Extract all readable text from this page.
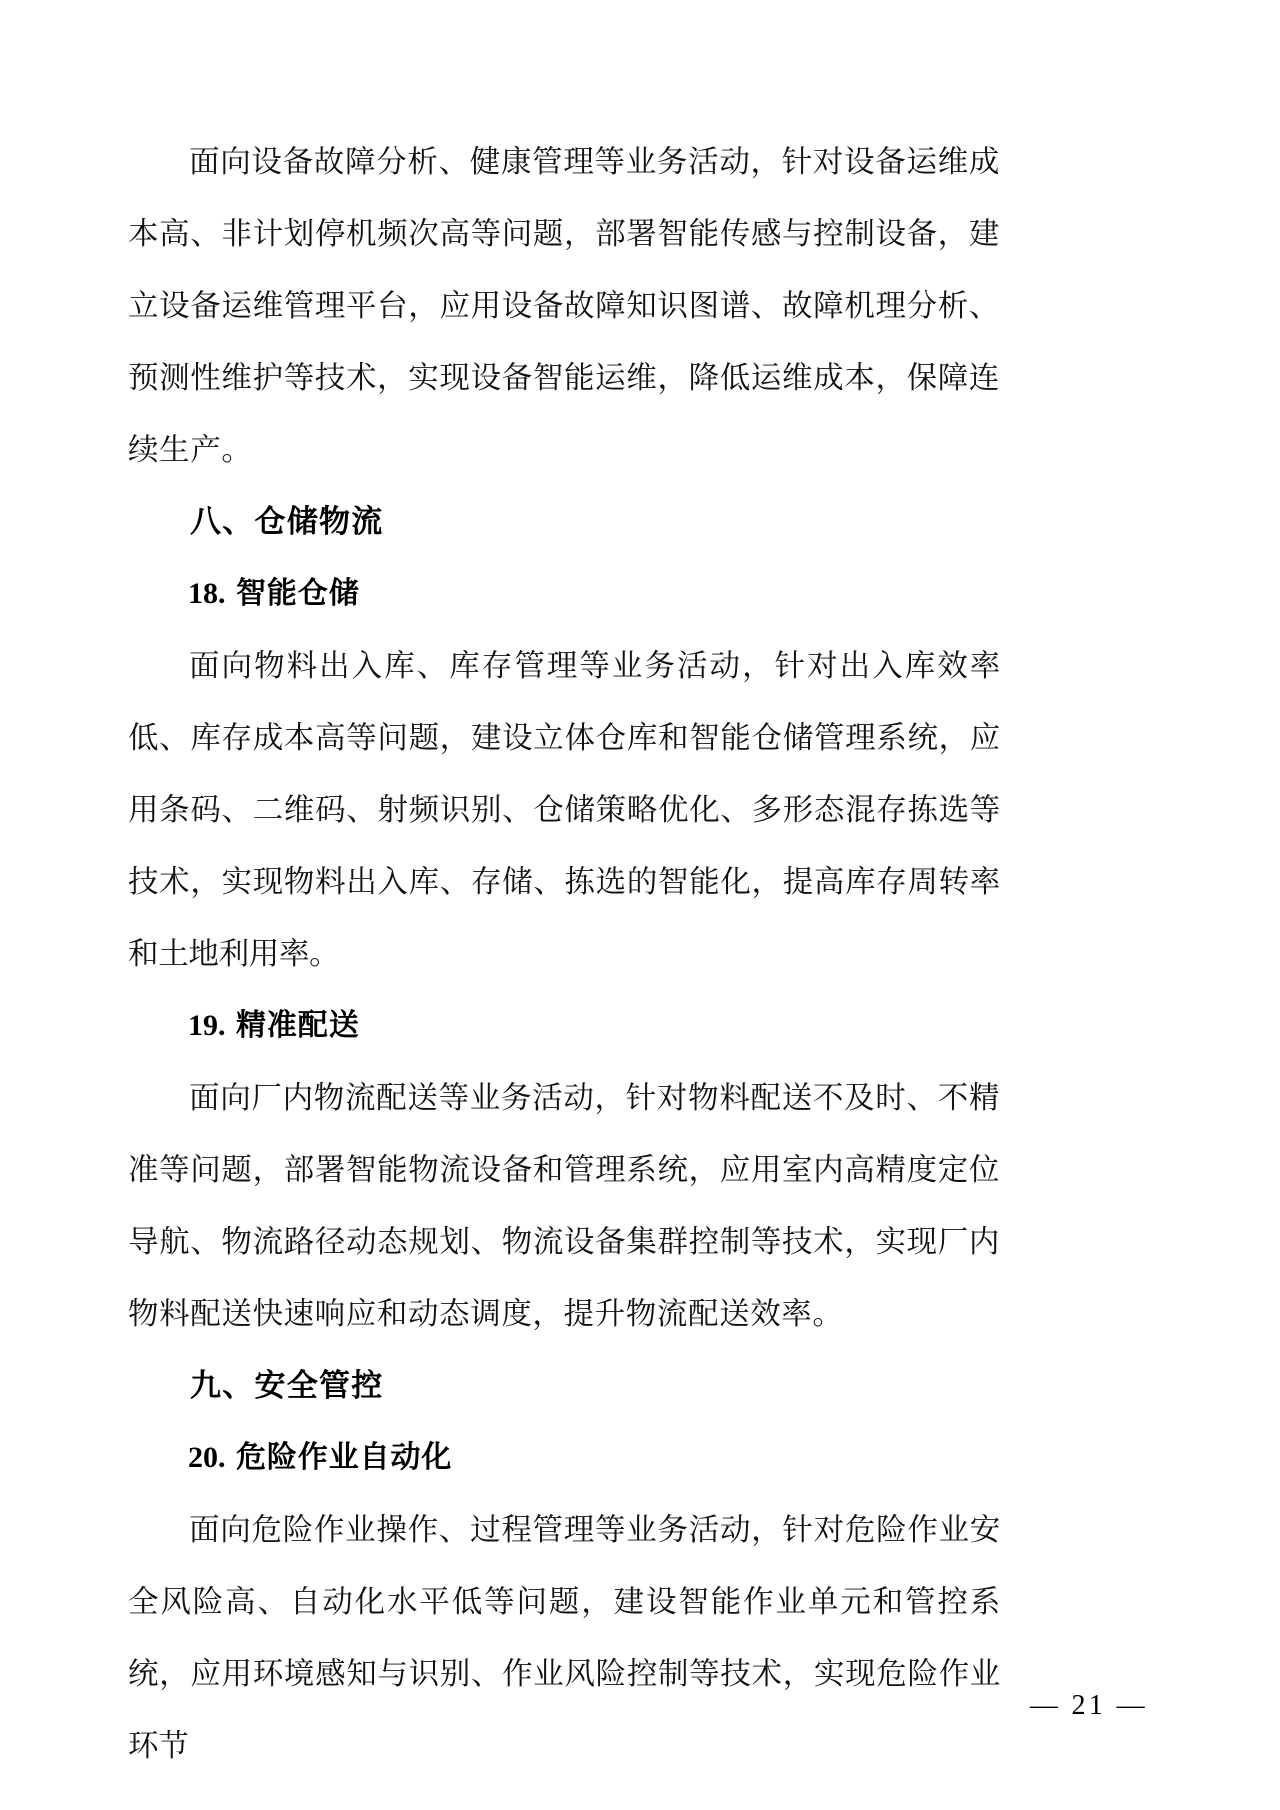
面向设备故障分析、健康管理等业务活动，针对设备运维成本高、非计划停机频次高等问题，部署智能传感与控制设备，建立设备运维管理平台，应用设备故障知识图谱、故障机理分析、预测性维护等技术，实现设备智能运维，降低运维成本，保障连续生产。

八、仓储物流
18. 智能仓储

面向物料出入库、库存管理等业务活动，针对出入库效率低、库存成本高等问题，建设立体仓库和智能仓储管理系统，应用条码、二维码、射频识别、仓储策略优化、多形态混存拣选等技术，实现物料出入库、存储、拣选的智能化，提高库存周转率和土地利用率。

19. 精准配送

面向厂内物流配送等业务活动，针对物料配送不及时、不精准等问题，部署智能物流设备和管理系统，应用室内高精度定位导航、物流路径动态规划、物流设备集群控制等技术，实现厂内物料配送快速响应和动态调度，提升物流配送效率。

九、安全管控
20. 危险作业自动化

面向危险作业操作、过程管理等业务活动，针对危险作业安全风险高、自动化水平低等问题，建设智能作业单元和管控系统，应用环境感知与识别、作业风险控制等技术，实现危险作业环节

— 21 —
